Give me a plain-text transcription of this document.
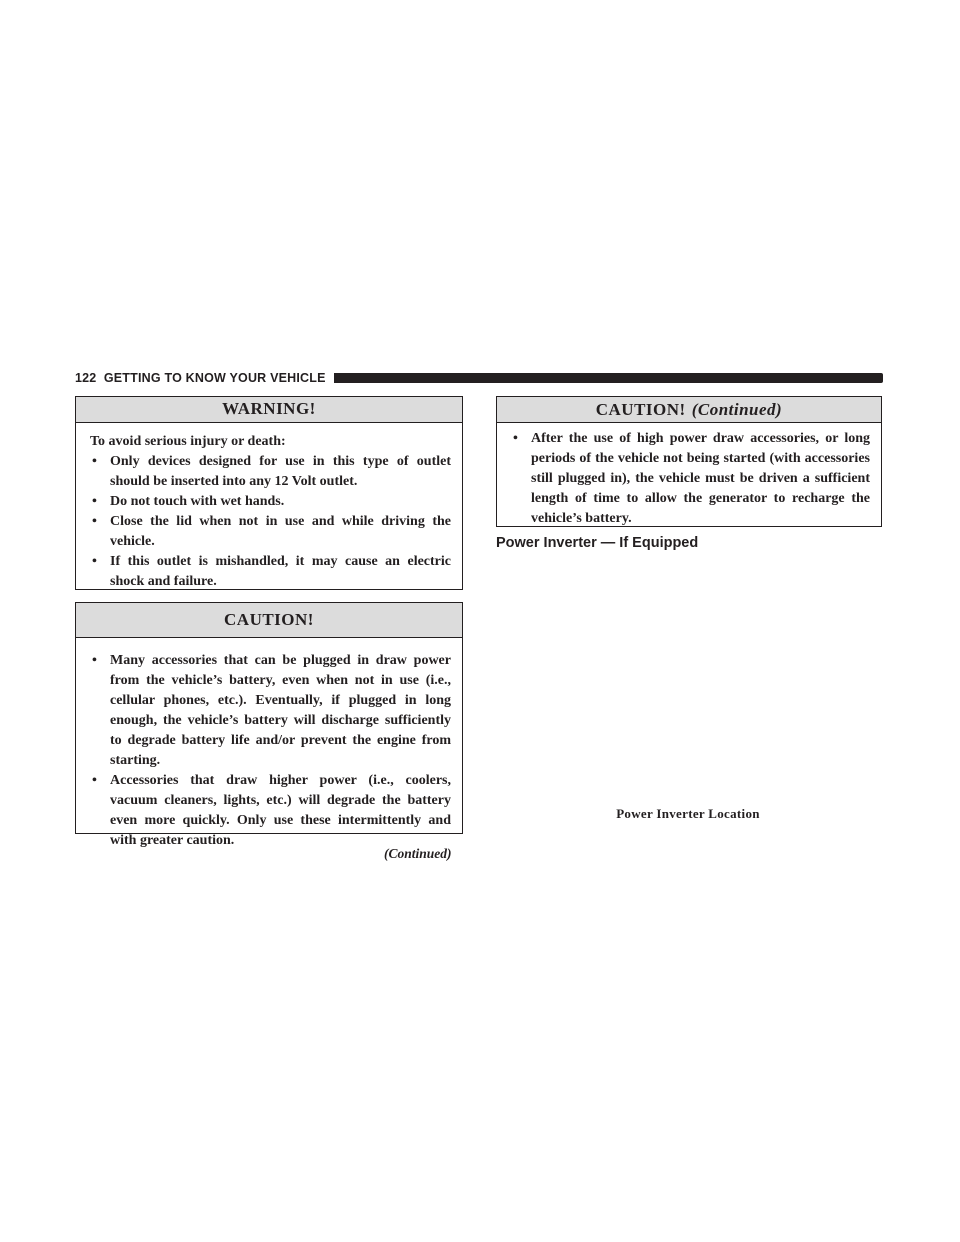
122 GETTING TO KNOW YOUR VEHICLE
WARNING!

To avoid serious injury or death:

• Only devices designed for use in this type of outlet should be inserted into any 12 Volt outlet.
• Do not touch with wet hands.
• Close the lid when not in use and while driving the vehicle.
• If this outlet is mishandled, it may cause an electric shock and failure.
CAUTION!
• Many accessories that can be plugged in draw power from the vehicle’s battery, even when not in use (i.e., cellular phones, etc.). Eventually, if plugged in long enough, the vehicle’s battery will discharge sufficiently to degrade battery life and/or prevent the engine from starting.
• Accessories that draw higher power (i.e., coolers, vacuum cleaners, lights, etc.) will degrade the battery even more quickly. Only use these intermittently and with greater caution.
(Continued)
CAUTION! (Continued)
• After the use of high power draw accessories, or long periods of the vehicle not being started (with accessories still plugged in), the vehicle must be driven a sufficient length of time to allow the generator to recharge the vehicle’s battery.
Power Inverter — If Equipped
Power Inverter Location
